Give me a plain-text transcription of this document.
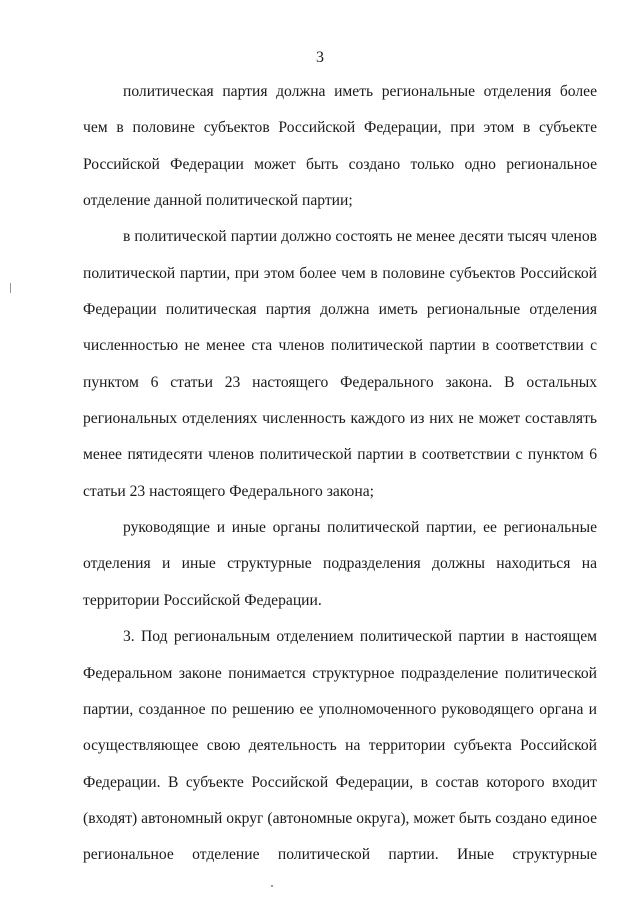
3

политическая партия должна иметь региональные отделения более чем в половине субъектов Российской Федерации, при этом в субъекте Российской Федерации может быть создано только одно региональное отделение данной политической партии;

в политической партии должно состоять не менее десяти тысяч членов политической партии, при этом более чем в половине субъектов Российской Федерации политическая партия должна иметь региональные отделения численностью не менее ста членов политической партии в соответствии с пунктом 6 статьи 23 настоящего Федерального закона. В остальных региональных отделениях численность каждого из них не может составлять менее пятидесяти членов политической партии в соответствии с пунктом 6 статьи 23 настоящего Федерального закона;

руководящие и иные органы политической партии, ее региональные отделения и иные структурные подразделения должны находиться на территории Российской Федерации.

3. Под региональным отделением политической партии в настоящем Федеральном законе понимается структурное подразделение политической партии, созданное по решению ее уполномоченного руководящего органа и осуществляющее свою деятельность на территории субъекта Российской Федерации. В субъекте Российской Федерации, в состав которого входит (входят) автономный округ (автономные округа), может быть создано единое региональное отделение политической партии. Иные структурные
